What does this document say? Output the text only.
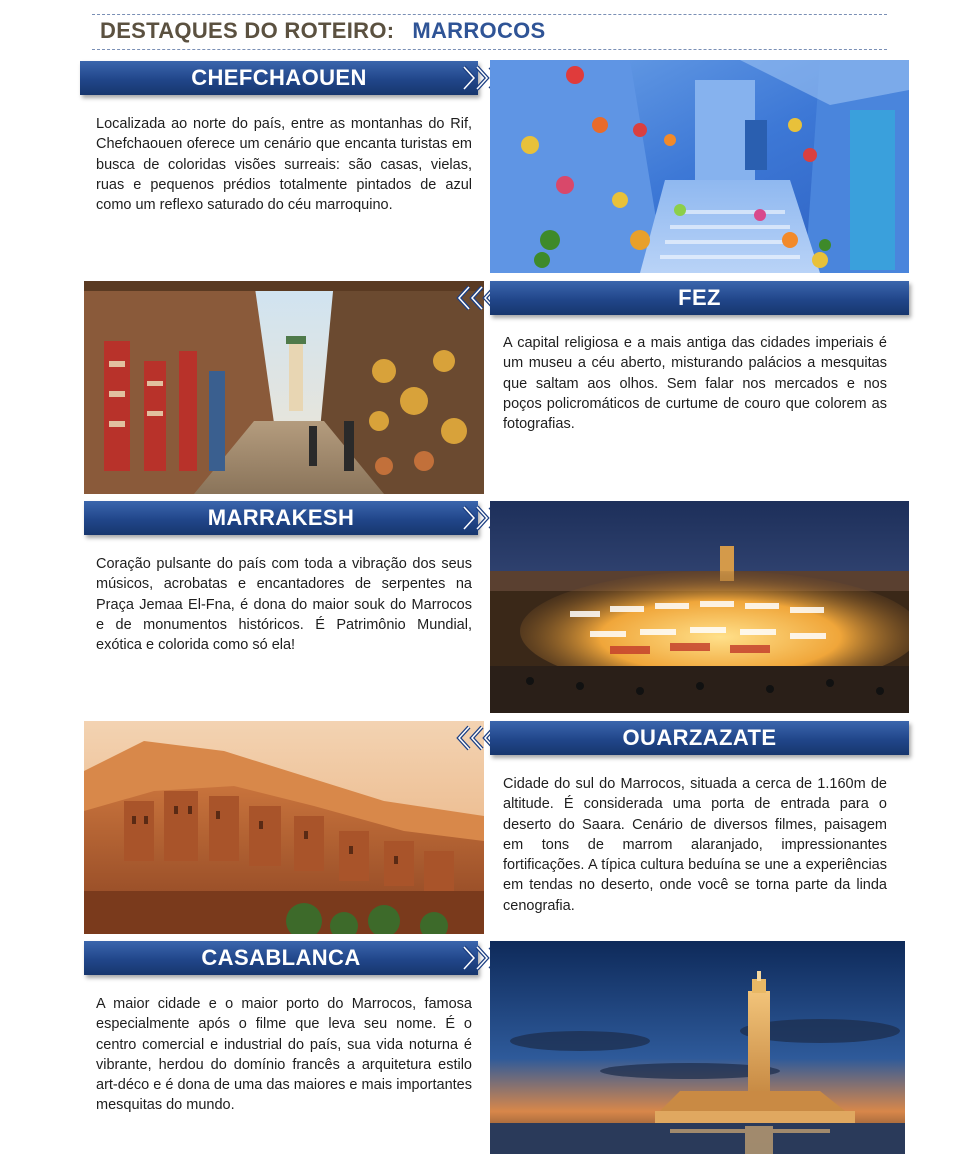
DESTAQUES DO ROTEIRO: MARROCOS
CHEFCHAOUEN

Localizada ao norte do país, entre as montanhas do Rif, Chefchaouen oferece um cenário que encanta turistas em busca de coloridas visões surreais: são casas, vielas, ruas e pequenos prédios totalmente pintados de azul como um reflexo saturado do céu marroquino.

FEZ

A capital religiosa e a mais antiga das cidades imperiais é um museu a céu aberto, misturando palácios a mesquitas que saltam aos olhos. Sem falar nos mercados e nos poços policromáticos de curtume de couro que colorem as fotografias.

MARRAKESH

Coração pulsante do país com toda a vibração dos seus músicos, acrobatas e encantadores de serpentes na Praça Jemaa El-Fna, é dona do maior souk do Marrocos e de monumentos históricos. É Patrimônio Mundial, exótica e colorida como só ela!

OUARZAZATE

Cidade do sul do Marrocos, situada a cerca de 1.160m de altitude. É considerada uma porta de entrada para o deserto do Saara. Cenário de diversos filmes, paisagem em tons de marrom alaranjado, impressionantes fortificações. A típica cultura beduína se une a experiências em tendas no deserto, onde você se torna parte da linda cenografia.

CASABLANCA

A maior cidade e o maior porto do Marrocos, famosa especialmente após o filme que leva seu nome. É o centro comercial e industrial do país, sua vida noturna é vibrante, herdou do domínio francês a arquitetura estilo art-déco e é dona de uma das maiores e mais importantes mesquitas do mundo.
